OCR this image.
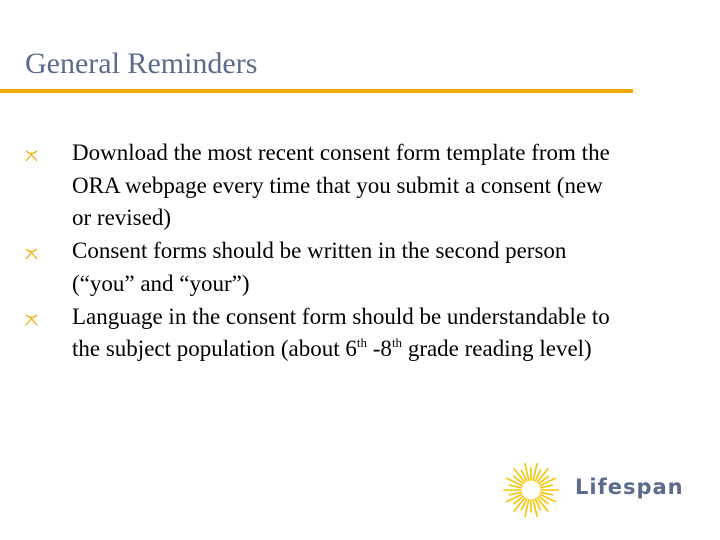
General Reminders
Download the most recent consent form template from the ORA webpage every time that you submit a consent (new or revised)
Consent forms should be written in the second person (“you” and “your”)
Language in the consent form should be understandable to the subject population (about 6th -8th grade reading level)
Lifespan
